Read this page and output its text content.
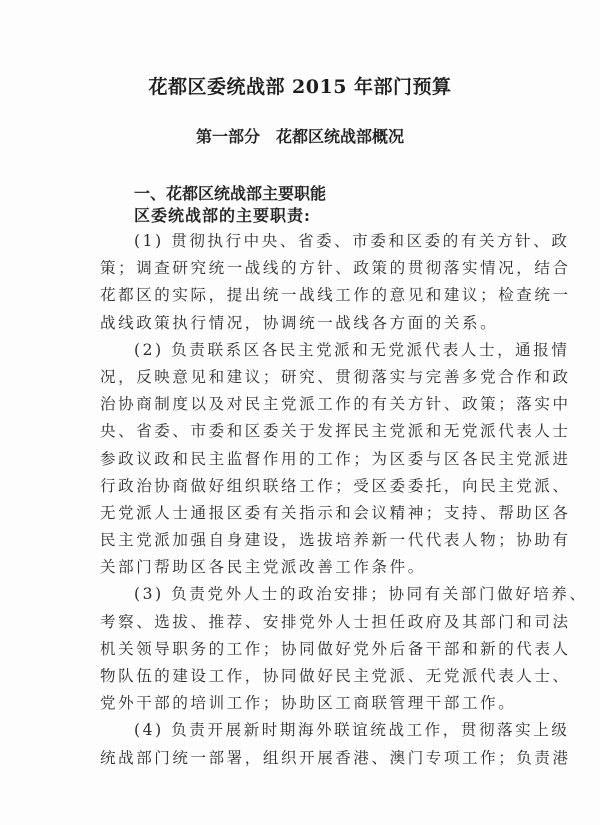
花都区委统战部 2015 年部门预算
第一部分　花都区统战部概况
一、花都区统战部主要职能
区委统战部的主要职责:
(1) 贯彻执行中央、省委、市委和区委的有关方针、政
策；调查研究统一战线的方针、政策的贯彻落实情况，结合
花都区的实际，提出统一战线工作的意见和建议；检查统一
战线政策执行情况，协调统一战线各方面的关系。
(2) 负责联系区各民主党派和无党派代表人士，通报情
况，反映意见和建议；研究、贯彻落实与完善多党合作和政
治协商制度以及对民主党派工作的有关方针、政策；落实中
央、省委、市委和区委关于发挥民主党派和无党派代表人士
参政议政和民主监督作用的工作；为区委与区各民主党派进
行政治协商做好组织联络工作；受区委委托，向民主党派、
无党派人士通报区委有关指示和会议精神；支持、帮助区各
民主党派加强自身建设，选拔培养新一代代表人物；协助有
关部门帮助区各民主党派改善工作条件。
(3) 负责党外人士的政治安排；协同有关部门做好培养、
考察、选拔、推荐、安排党外人士担任政府及其部门和司法
机关领导职务的工作；协同做好党外后备干部和新的代表人
物队伍的建设工作，协同做好民主党派、无党派代表人士、
党外干部的培训工作；协助区工商联管理干部工作。
(4) 负责开展新时期海外联谊统战工作，贯彻落实上级
统战部门统一部署，组织开展香港、澳门专项工作；负责港
